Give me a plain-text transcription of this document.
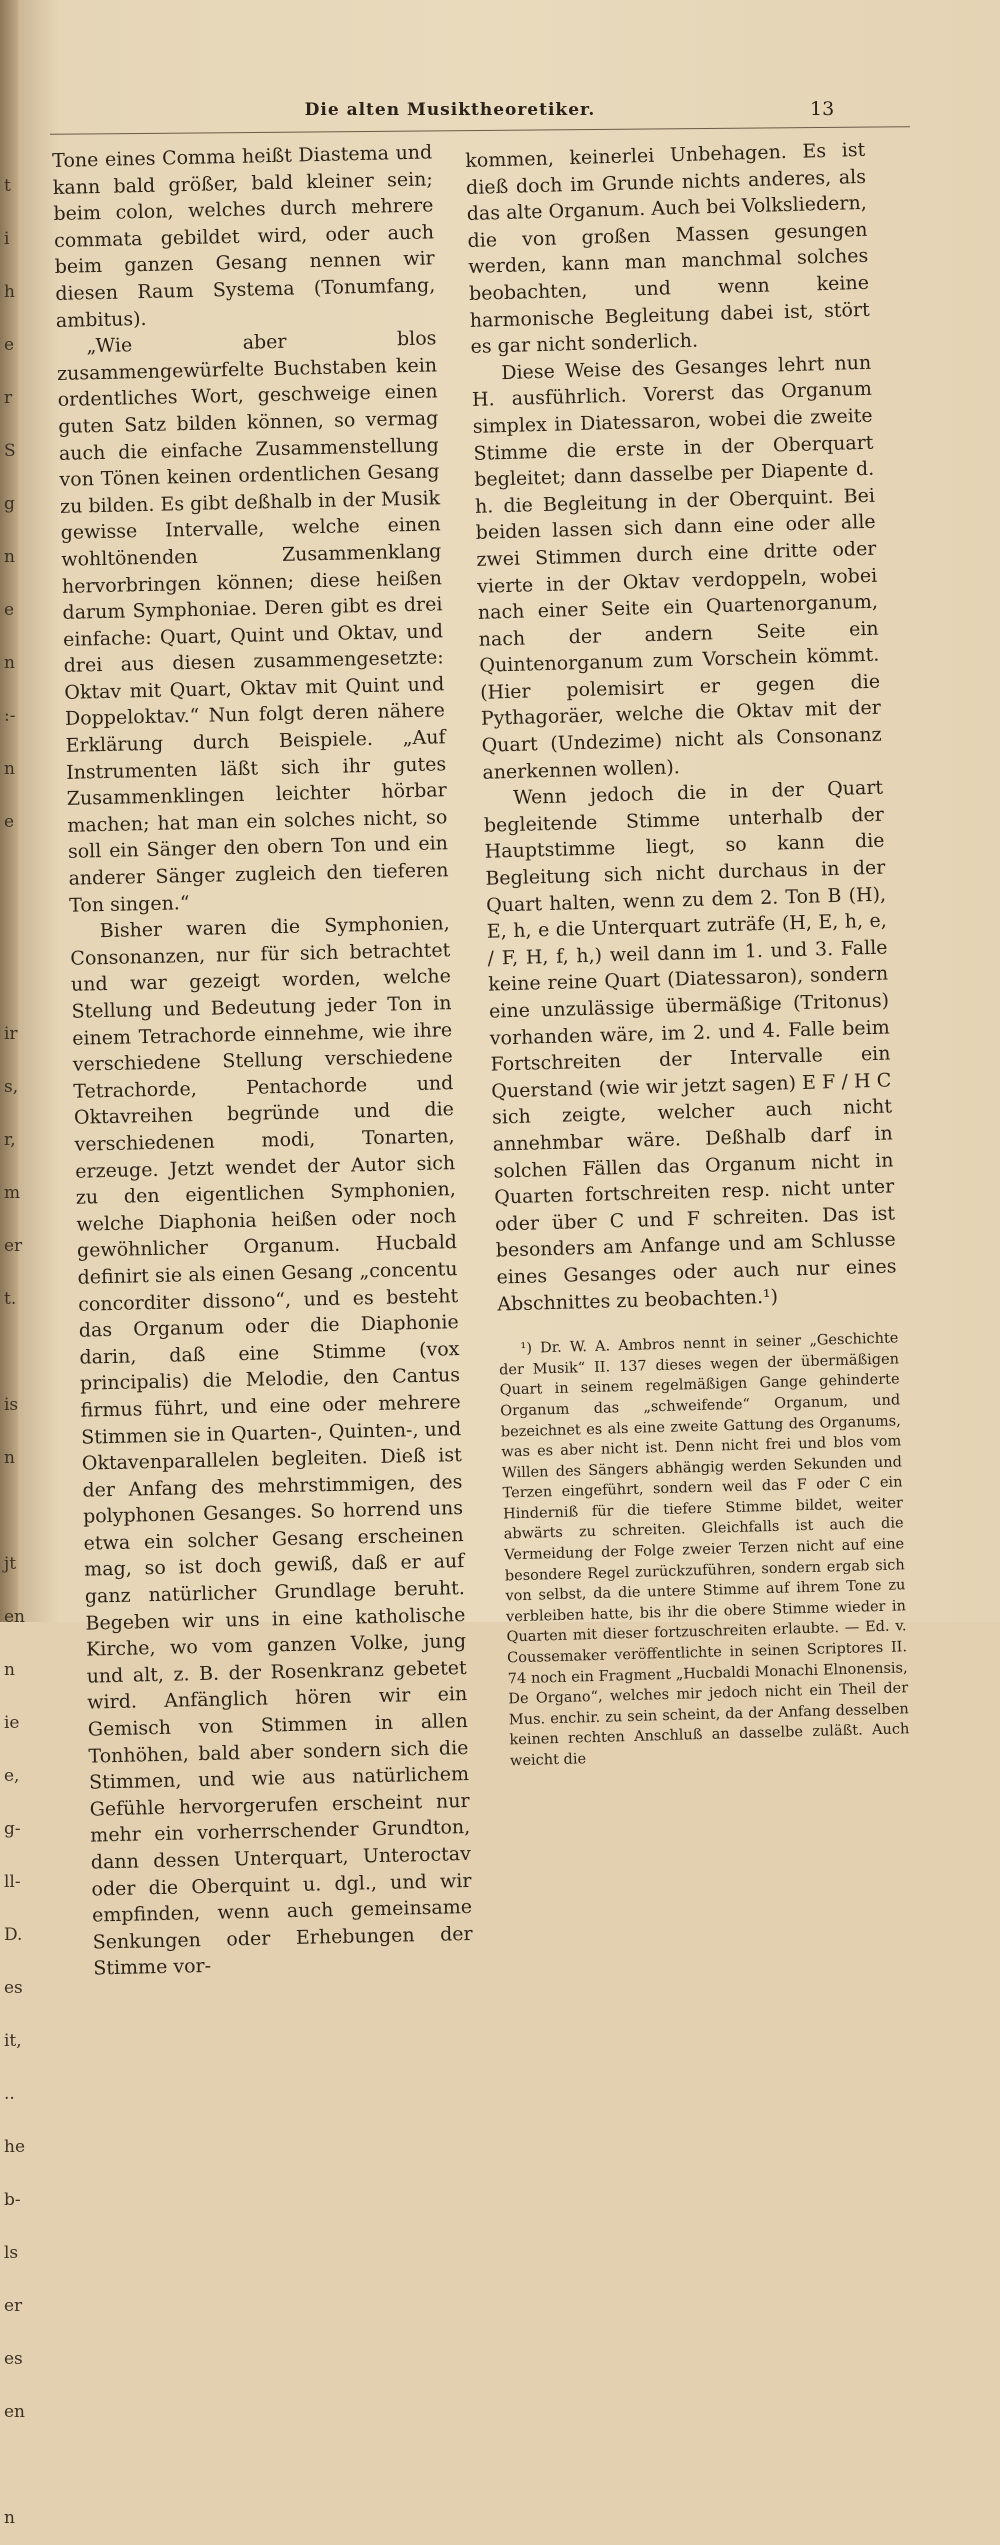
t
i
h
e
r
S
g
n
e
n
:-
n
e
ir
s,
r,
m
er
t.
is
n
jt
en
n
ie
e,
g-
ll-
D.
es
it,
..
he
b-
ls
er
es
en
n
Die alten Musiktheoretiker.	13

Tone eines Comma heißt Diastema und kann bald größer, bald kleiner sein; beim colon, welches durch mehrere commata gebildet wird, oder auch beim ganzen Gesang nennen wir diesen Raum Systema (Tonumfang, ambitus).

„Wie aber blos zusammengewürfelte Buchstaben kein ordentliches Wort, geschweige einen guten Satz bilden können, so vermag auch die einfache Zusammenstellung von Tönen keinen ordentlichen Gesang zu bilden. Es gibt deßhalb in der Musik gewisse Intervalle, welche einen wohltönenden Zusammenklang hervorbringen können; diese heißen darum Symphoniae. Deren gibt es drei einfache: Quart, Quint und Oktav, und drei aus diesen zusammengesetzte: Oktav mit Quart, Oktav mit Quint und Doppeloktav.“ Nun folgt deren nähere Erklärung durch Beispiele. „Auf Instrumenten läßt sich ihr gutes Zusammenklingen leichter hörbar machen; hat man ein solches nicht, so soll ein Sänger den obern Ton und ein anderer Sänger zugleich den tieferen Ton singen.“

Bisher waren die Symphonien, Consonanzen, nur für sich betrachtet und war gezeigt worden, welche Stellung und Bedeutung jeder Ton in einem Tetrachorde einnehme, wie ihre verschiedene Stellung verschiedene Tetrachorde, Pentachorde und Oktavreihen begründe und die verschiedenen modi, Tonarten, erzeuge. Jetzt wendet der Autor sich zu den eigentlichen Symphonien, welche Diaphonia heißen oder noch gewöhnlicher Organum. Hucbald definirt sie als einen Gesang „concentu concorditer dissono“, und es besteht das Organum oder die Diaphonie darin, daß eine Stimme (vox principalis) die Melodie, den Cantus firmus führt, und eine oder mehrere Stimmen sie in Quarten-, Quinten-, und Oktavenparallelen begleiten. Dieß ist der Anfang des mehrstimmigen, des polyphonen Gesanges. So horrend uns etwa ein solcher Gesang erscheinen mag, so ist doch gewiß, daß er auf ganz natürlicher Grundlage beruht. Begeben wir uns in eine katholische Kirche, wo vom ganzen Volke, jung und alt, z. B. der Rosenkranz gebetet wird. Anfänglich hören wir ein Gemisch von Stimmen in allen Tonhöhen, bald aber sondern sich die Stimmen, und wie aus natürlichem Gefühle hervorgerufen erscheint nur mehr ein vorherrschender Grundton, dann dessen Unterquart, Unteroctav oder die Oberquint u. dgl., und wir empfinden, wenn auch gemeinsame Senkungen oder Erhebungen der Stimme vor-

kommen, keinerlei Unbehagen. Es ist dieß doch im Grunde nichts anderes, als das alte Organum. Auch bei Volksliedern, die von großen Massen gesungen werden, kann man manchmal solches beobachten, und wenn keine harmonische Begleitung dabei ist, stört es gar nicht sonderlich.

Diese Weise des Gesanges lehrt nun H. ausführlich. Vorerst das Organum simplex in Diatessaron, wobei die zweite Stimme die erste in der Oberquart begleitet; dann dasselbe per Diapente d. h. die Begleitung in der Oberquint. Bei beiden lassen sich dann eine oder alle zwei Stimmen durch eine dritte oder vierte in der Oktav verdoppeln, wobei nach einer Seite ein Quartenorganum, nach der andern Seite ein Quintenorganum zum Vorschein kömmt. (Hier polemisirt er gegen die Pythagoräer, welche die Oktav mit der Quart (Undezime) nicht als Consonanz anerkennen wollen).

Wenn jedoch die in der Quart begleitende Stimme unterhalb der Hauptstimme liegt, so kann die Begleitung sich nicht durchaus in der Quart halten, wenn zu dem 2. Ton B (H), E, h, e die Unterquart zuträfe (H, E, h, e, / F, H, f, h,) weil dann im 1. und 3. Falle keine reine Quart (Diatessaron), sondern eine unzulässige übermäßige (Tritonus) vorhanden wäre, im 2. und 4. Falle beim Fortschreiten der Intervalle ein Querstand (wie wir jetzt sagen) E F / H C sich zeigte, welcher auch nicht annehmbar wäre. Deßhalb darf in solchen Fällen das Organum nicht in Quarten fortschreiten resp. nicht unter oder über C und F schreiten. Das ist besonders am Anfange und am Schlusse eines Gesanges oder auch nur eines Abschnittes zu beobachten.¹)

¹) Dr. W. A. Ambros nennt in seiner „Geschichte der Musik“ II. 137 dieses wegen der übermäßigen Quart in seinem regelmäßigen Gange gehinderte Organum das „schweifende“ Organum, und bezeichnet es als eine zweite Gattung des Organums, was es aber nicht ist. Denn nicht frei und blos vom Willen des Sängers abhängig werden Sekunden und Terzen eingeführt, sondern weil das F oder C ein Hinderniß für die tiefere Stimme bildet, weiter abwärts zu schreiten. Gleichfalls ist auch die Vermeidung der Folge zweier Terzen nicht auf eine besondere Regel zurückzuführen, sondern ergab sich von selbst, da die untere Stimme auf ihrem Tone zu verbleiben hatte, bis ihr die obere Stimme wieder in Quarten mit dieser fortzuschreiten erlaubte. — Ed. v. Coussemaker veröffentlichte in seinen Scriptores II. 74 noch ein Fragment „Hucbaldi Monachi Elnonensis, De Organo“, welches mir jedoch nicht ein Theil der Mus. enchir. zu sein scheint, da der Anfang desselben keinen rechten Anschluß an dasselbe zuläßt. Auch weicht die
